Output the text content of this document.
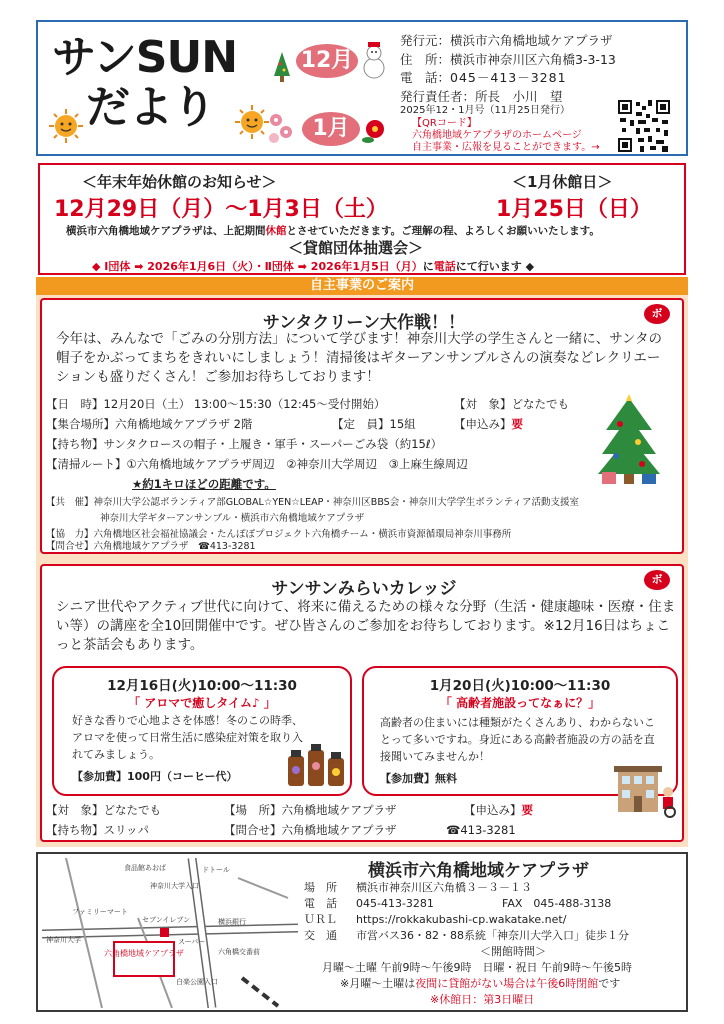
サンSUN
だより
12月
1月
発行元：横浜市六角橋地域ケアプラザ
住　所：横浜市神奈川区六角橋3-3-13
電　話：045－413－3281
発行責任者：所長　小川　望
2025年12・1月号（11月25日発行）
【QRコード】
六角橋地域ケアプラザのホームページ
自主事業・広報を見ることができます。→
＜年末年始休館のお知らせ＞
12月29日（月）～1月3日（土）
＜1月休館日＞
1月25日（日）
横浜市六角橋地域ケアプラザは、上記期間休館とさせていただきます。ご理解の程、よろしくお願いいたします。
＜貸館団体抽選会＞
◆ Ⅰ団体 ➡ 2026年1月6日（火）・Ⅱ団体 ➡ 2026年1月5日（月）に電話にて行います ◆
自主事業のご案内
サンタクリーン大作戦！！	ボ
今年は、みんなで「ごみの分別方法」について学びます！神奈川大学の学生さんと一緒に、サンタの帽子をかぶってまちをきれいにしましょう！清掃後はギターアンサンブルさんの演奏などレクリエーションも盛りだくさん！ご参加お待ちしております！
【日　時】12月20日（土） 13:00～15:30（12:45～受付開始）	【対　象】どなたでも
【集合場所】六角橋地域ケアプラザ 2階	【定　員】15組	【申込み】要
【持ち物】サンタクロースの帽子・上履き・軍手・スーパーごみ袋（約15ℓ）
【清掃ルート】①六角橋地域ケアプラザ周辺　②神奈川大学周辺　③上麻生線周辺
★約1キロほどの距離です。
【共　催】神奈川大学公認ボランティア部GLOBAL☆YEN☆LEAP・神奈川区BBS会・神奈川大学学生ボランティア活動支援室
神奈川大学ギターアンサンブル・横浜市六角橋地域ケアプラザ
【協　力】六角橋地区社会福祉協議会・たんぽぽプロジェクト六角橋チーム・横浜市資源循環局神奈川事務所
【問合せ】六角橋地域ケアプラザ　☎413-3281
サンサンみらいカレッジ	ボ
シニア世代やアクティブ世代に向けて、将来に備えるための様々な分野（生活・健康趣味・医療・住まい等）の講座を全10回開催中です。ぜひ皆さんのご参加をお待ちしております。※12月16日はちょこっと茶話会もあります。
12月16日(火)10:00～11:30
「 アロマで癒しタイム♪ 」
好きな香りで心地よさを体感！冬のこの時季、アロマを使って日常生活に感染症対策を取り入れてみましょう。
【参加費】100円（コーヒー代）
1月20日(火)10:00～11:30
「 高齢者施設ってなぁに？」
高齢者の住まいには種類がたくさんあり、わからないことって多いですね。身近にある高齢者施設の方の話を直接聞いてみませんか！
【参加費】無料
【対　象】どなたでも	【場　所】六角橋地域ケアプラザ	【申込み】要
【持ち物】スリッパ	【問合せ】六角橋地域ケアプラザ	☎413-3281
六角橋地域ケアプラザ
ファミリーマート
セブンイレブン
神奈川大学入口
スーパー
横浜銀行
白楽公園入口
食品館あおば	ドトール
神奈川大学
六角橋交番前
横浜市六角橋地域ケアプラザ
場　所 横浜市神奈川区六角橋３－３－１３
電　話 045-413-3281	FAX　045-488-3138
ＵＲＬ https://rokkakubashi-cp.wakatake.net/
交　通 市営バス36・82・88系統「神奈川大学入口」徒歩１分
＜開館時間＞
月曜～土曜 午前9時～午後9時　日曜・祝日 午前9時～午後5時
※月曜～土曜は夜間に貸館がない場合は午後6時閉館です
※休館日：第3日曜日
